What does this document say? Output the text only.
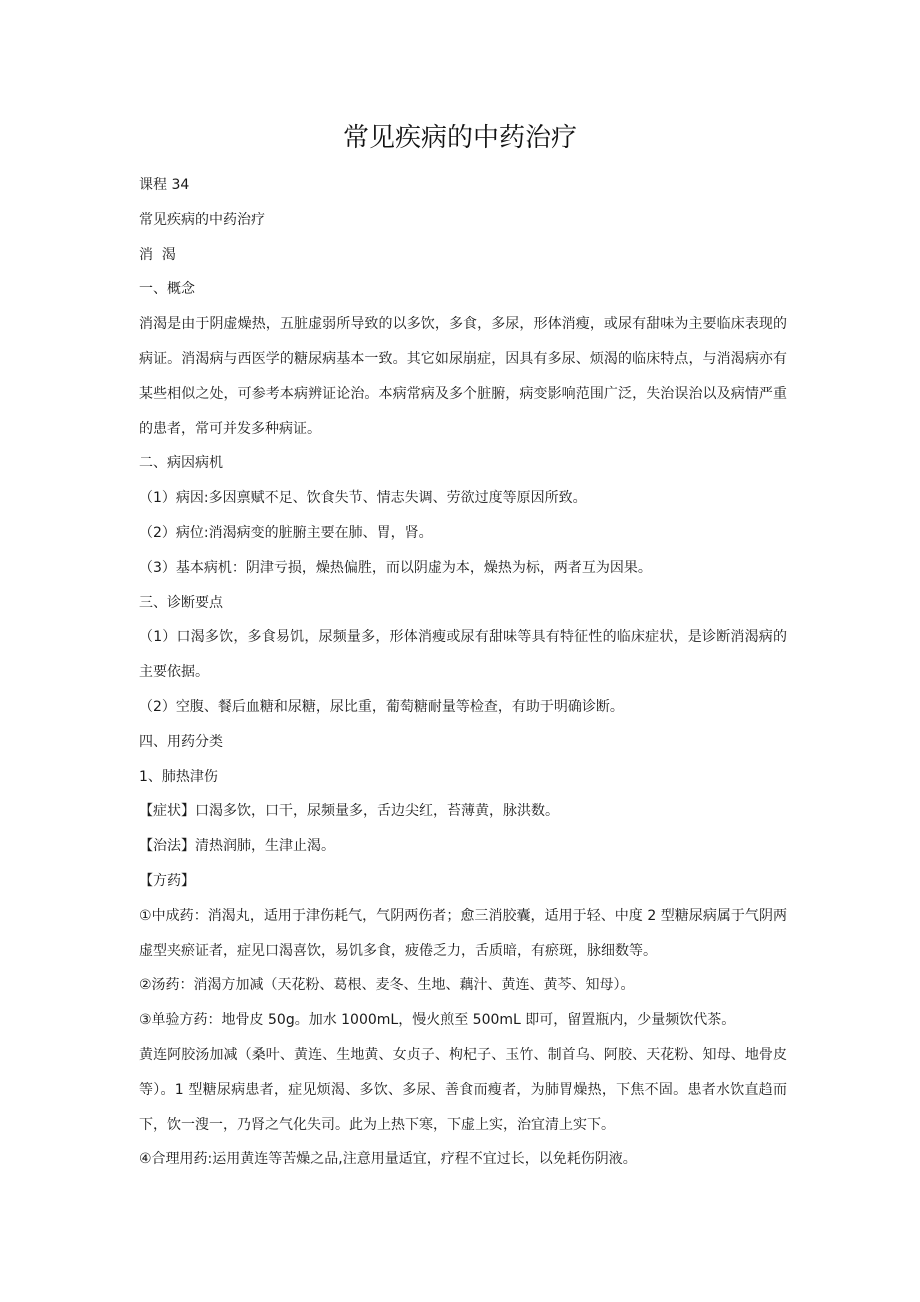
常见疾病的中药治疗

课程 34

常见疾病的中药治疗

消  渴

一、概念

消渴是由于阴虚燥热，五脏虚弱所导致的以多饮，多食，多尿，形体消瘦，或尿有甜味为主要临床表现的病证。消渴病与西医学的糖尿病基本一致。其它如尿崩症，因具有多尿、烦渴的临床特点，与消渴病亦有某些相似之处，可参考本病辨证论治。本病常病及多个脏腑，病变影响范围广泛，失治误治以及病情严重的患者，常可并发多种病证。

二、病因病机

（1）病因:多因禀赋不足、饮食失节、情志失调、劳欲过度等原因所致。

（2）病位:消渴病变的脏腑主要在肺、胃，肾。

（3）基本病机：阴津亏损，燥热偏胜，而以阴虚为本，燥热为标，两者互为因果。

三、诊断要点

（1）口渴多饮，多食易饥，尿频量多，形体消瘦或尿有甜味等具有特征性的临床症状，是诊断消渴病的主要依据。

（2）空腹、餐后血糖和尿糖，尿比重，葡萄糖耐量等检查，有助于明确诊断。

四、用药分类

1、肺热津伤

【症状】口渴多饮，口干，尿频量多，舌边尖红，苔薄黄，脉洪数。

【治法】清热润肺，生津止渴。

【方药】

①中成药：消渴丸，适用于津伤耗气，气阴两伤者；愈三消胶囊，适用于轻、中度 2 型糖尿病属于气阴两虚型夹瘀证者，症见口渴喜饮，易饥多食，疲倦乏力，舌质暗，有瘀斑，脉细数等。

②汤药：消渴方加减（天花粉、葛根、麦冬、生地、藕汁、黄连、黄芩、知母）。

③单验方药：地骨皮 50g。加水 1000mL，慢火煎至 500mL 即可，留置瓶内，少量频饮代茶。

黄连阿胶汤加减（桑叶、黄连、生地黄、女贞子、枸杞子、玉竹、制首乌、阿胶、天花粉、知母、地骨皮等）。1 型糖尿病患者，症见烦渴、多饮、多尿、善食而瘦者，为肺胃燥热，下焦不固。患者水饮直趋而下，饮一溲一，乃肾之气化失司。此为上热下寒，下虚上实，治宜清上实下。

④合理用药:运用黄连等苦燥之品,注意用量适宜，疗程不宜过长，以免耗伤阴液。
